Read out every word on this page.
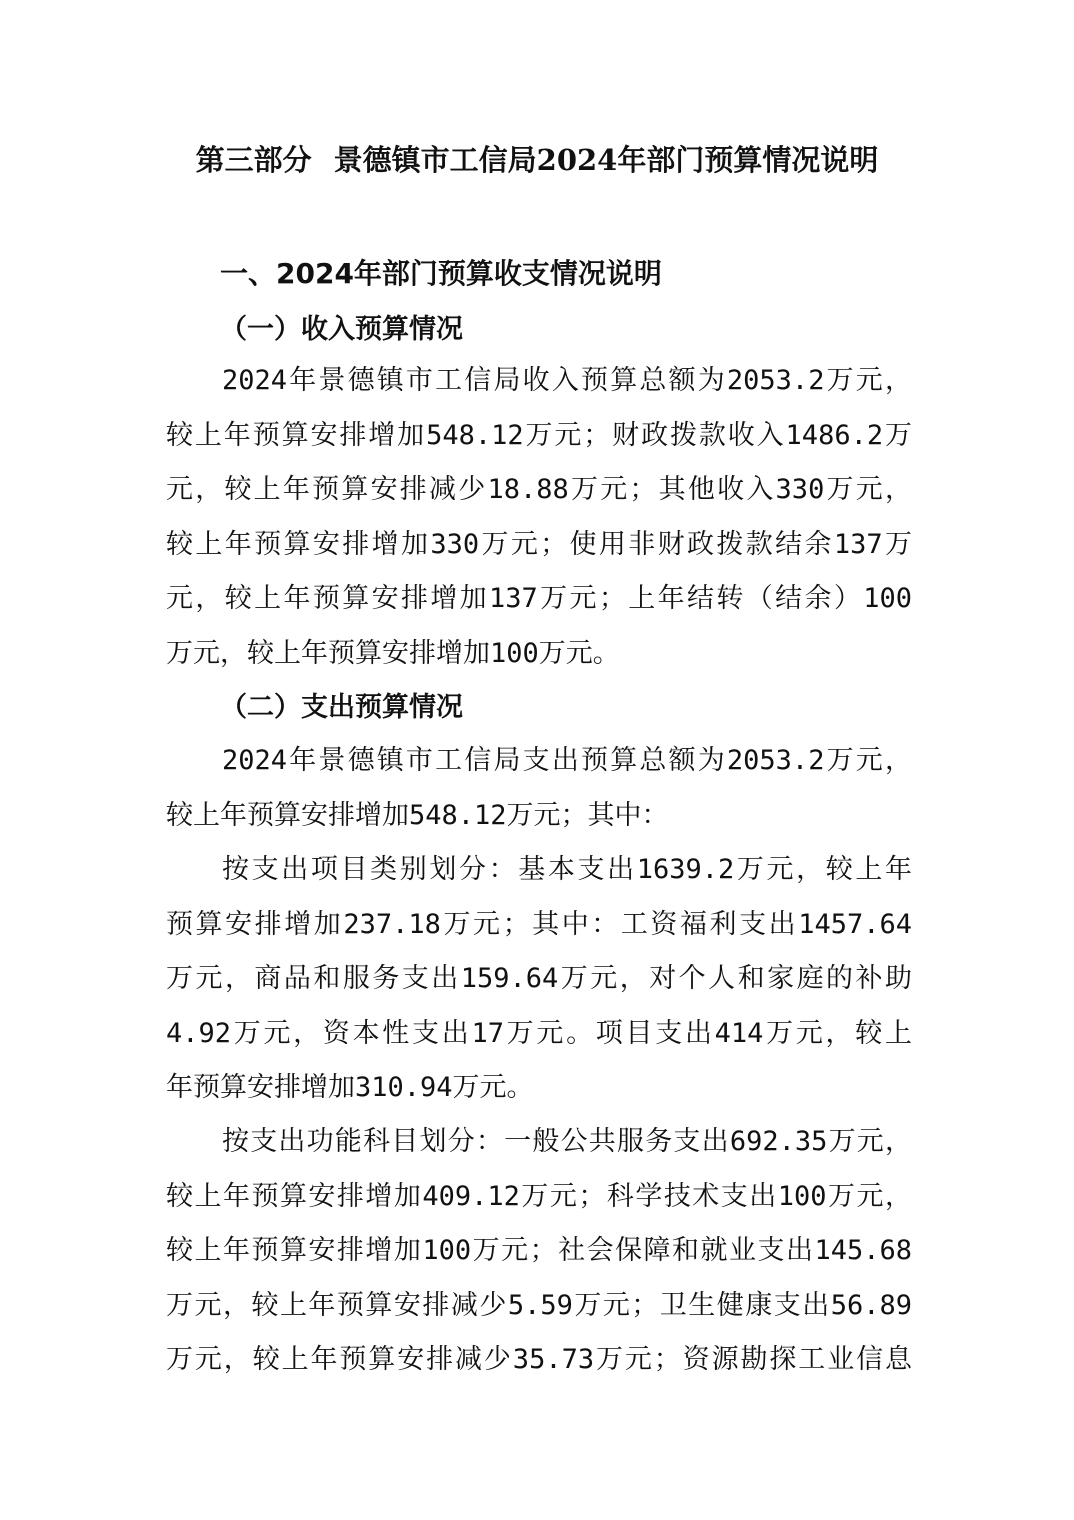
第三部分 景德镇市工信局2024年部门预算情况说明
一、2024年部门预算收支情况说明
（一）收入预算情况
2024年景德镇市工信局收入预算总额为2053.2万元，
较上年预算安排增加548.12万元；财政拨款收入1486.2万
元，较上年预算安排减少18.88万元；其他收入330万元，
较上年预算安排增加330万元；使用非财政拨款结余137万
元，较上年预算安排增加137万元；上年结转（结余）100
万元，较上年预算安排增加100万元。
（二）支出预算情况
2024年景德镇市工信局支出预算总额为2053.2万元，
较上年预算安排增加548.12万元；其中：
按支出项目类别划分：基本支出1639.2万元，较上年
预算安排增加237.18万元；其中：工资福利支出1457.64
万元，商品和服务支出159.64万元，对个人和家庭的补助
4.92万元，资本性支出17万元。项目支出414万元，较上
年预算安排增加310.94万元。
按支出功能科目划分：一般公共服务支出692.35万元，
较上年预算安排增加409.12万元；科学技术支出100万元，
较上年预算安排增加100万元；社会保障和就业支出145.68
万元，较上年预算安排减少5.59万元；卫生健康支出56.89
万元，较上年预算安排减少35.73万元；资源勘探工业信息
